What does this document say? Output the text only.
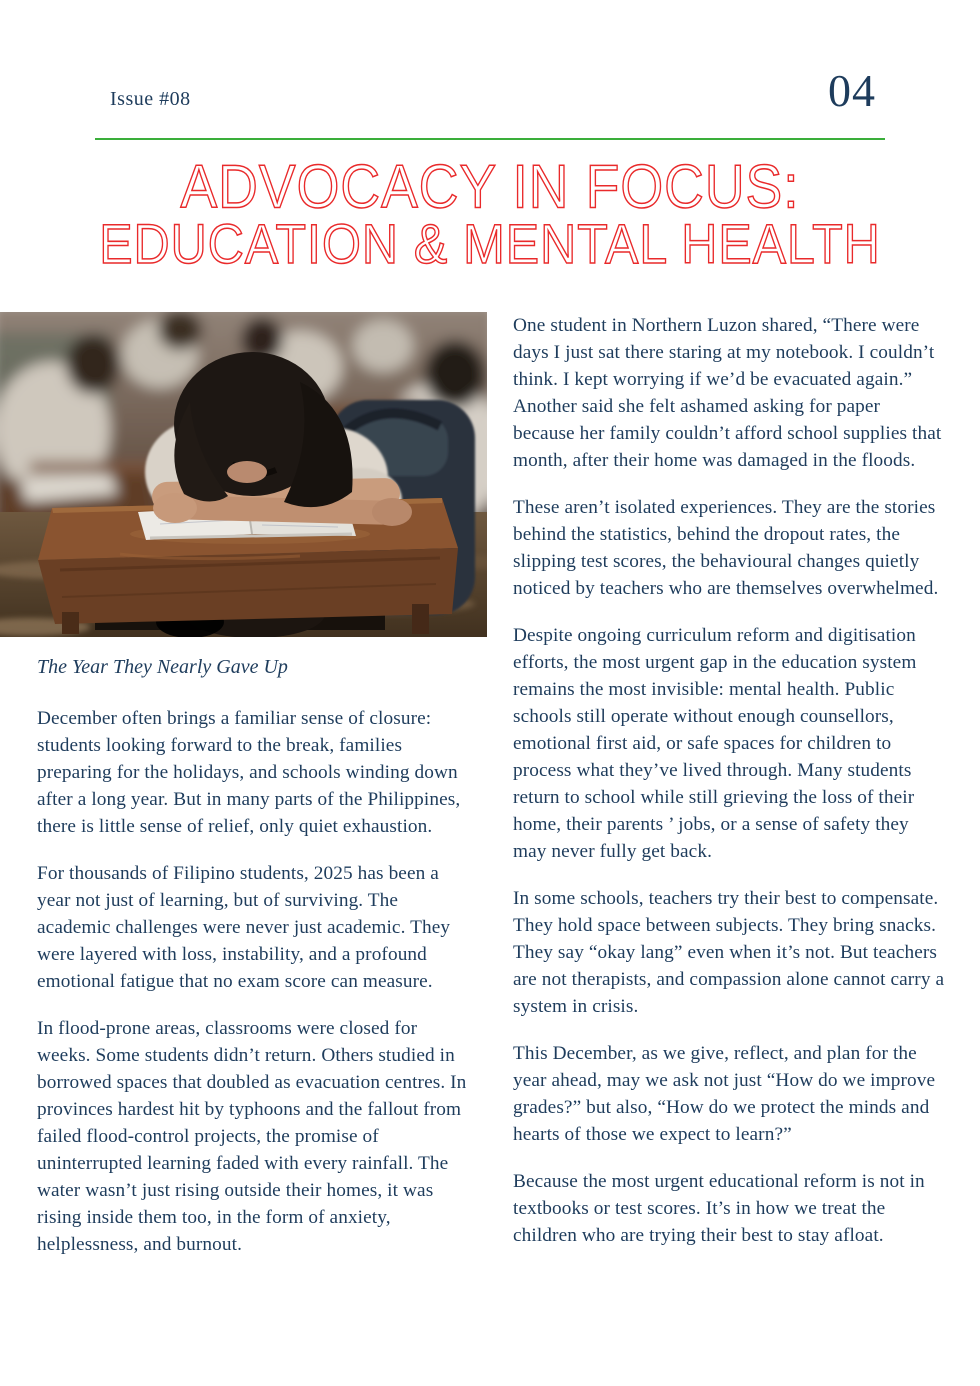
Issue #08	04
ADVOCACY IN FOCUS:
EDUCATION & MENTAL HEALTH

The Year They Nearly Gave Up

December often brings a familiar sense of closure: students looking forward to the break, families preparing for the holidays, and schools winding down after a long year. But in many parts of the Philippines, there is little sense of relief, only quiet exhaustion.

For thousands of Filipino students, 2025 has been a year not just of learning, but of surviving. The academic challenges were never just academic. They were layered with loss, instability, and a profound emotional fatigue that no exam score can measure.

In flood-prone areas, classrooms were closed for weeks. Some students didn’t return. Others studied in borrowed spaces that doubled as evacuation centres. In provinces hardest hit by typhoons and the fallout from failed flood-control projects, the promise of uninterrupted learning faded with every rainfall. The water wasn’t just rising outside their homes, it was rising inside them too, in the form of anxiety, helplessness, and burnout.

One student in Northern Luzon shared, “There were days I just sat there staring at my notebook. I couldn’t think. I kept worrying if we’d be evacuated again.” Another said she felt ashamed asking for paper because her family couldn’t afford school supplies that month, after their home was damaged in the floods.

These aren’t isolated experiences. They are the stories behind the statistics, behind the dropout rates, the slipping test scores, the behavioural changes quietly noticed by teachers who are themselves overwhelmed.

Despite ongoing curriculum reform and digitisation efforts, the most urgent gap in the education system remains the most invisible: mental health. Public schools still operate without enough counsellors, emotional first aid, or safe spaces for children to process what they’ve lived through. Many students return to school while still grieving the loss of their home, their parents ’ jobs, or a sense of safety they may never fully get back.

In some schools, teachers try their best to compensate. They hold space between subjects. They bring snacks. They say “okay lang” even when it’s not. But teachers are not therapists, and compassion alone cannot carry a system in crisis.

This December, as we give, reflect, and plan for the year ahead, may we ask not just “How do we improve grades?” but also, “How do we protect the minds and hearts of those we expect to learn?”

Because the most urgent educational reform is not in textbooks or test scores. It’s in how we treat the children who are trying their best to stay afloat.
